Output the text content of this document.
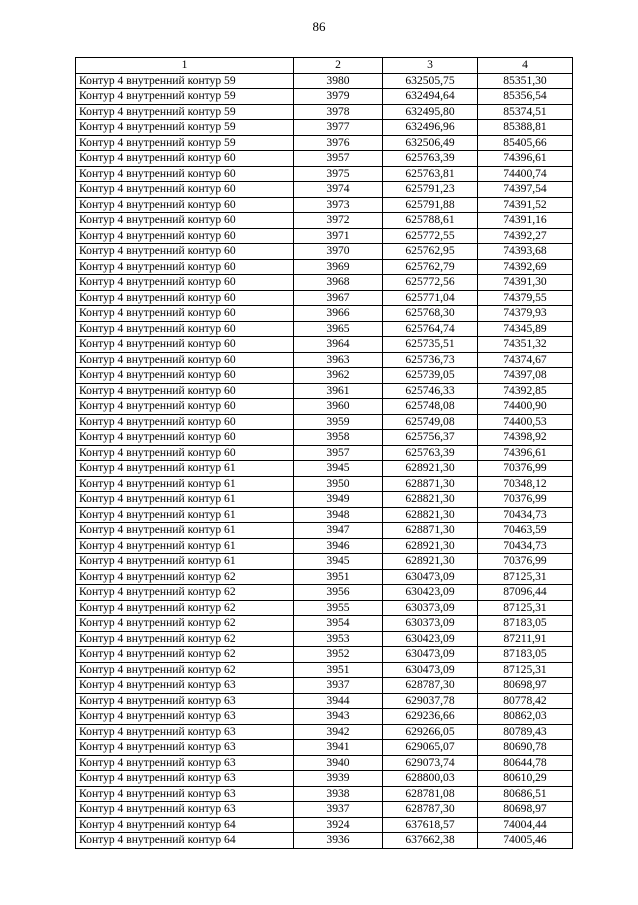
86
1	2	3	4
Контур 4 внутренний контур 59	3980	632505,75	85351,30
Контур 4 внутренний контур 59	3979	632494,64	85356,54
Контур 4 внутренний контур 59	3978	632495,80	85374,51
Контур 4 внутренний контур 59	3977	632496,96	85388,81
Контур 4 внутренний контур 59	3976	632506,49	85405,66
Контур 4 внутренний контур 60	3957	625763,39	74396,61
Контур 4 внутренний контур 60	3975	625763,81	74400,74
Контур 4 внутренний контур 60	3974	625791,23	74397,54
Контур 4 внутренний контур 60	3973	625791,88	74391,52
Контур 4 внутренний контур 60	3972	625788,61	74391,16
Контур 4 внутренний контур 60	3971	625772,55	74392,27
Контур 4 внутренний контур 60	3970	625762,95	74393,68
Контур 4 внутренний контур 60	3969	625762,79	74392,69
Контур 4 внутренний контур 60	3968	625772,56	74391,30
Контур 4 внутренний контур 60	3967	625771,04	74379,55
Контур 4 внутренний контур 60	3966	625768,30	74379,93
Контур 4 внутренний контур 60	3965	625764,74	74345,89
Контур 4 внутренний контур 60	3964	625735,51	74351,32
Контур 4 внутренний контур 60	3963	625736,73	74374,67
Контур 4 внутренний контур 60	3962	625739,05	74397,08
Контур 4 внутренний контур 60	3961	625746,33	74392,85
Контур 4 внутренний контур 60	3960	625748,08	74400,90
Контур 4 внутренний контур 60	3959	625749,08	74400,53
Контур 4 внутренний контур 60	3958	625756,37	74398,92
Контур 4 внутренний контур 60	3957	625763,39	74396,61
Контур 4 внутренний контур 61	3945	628921,30	70376,99
Контур 4 внутренний контур 61	3950	628871,30	70348,12
Контур 4 внутренний контур 61	3949	628821,30	70376,99
Контур 4 внутренний контур 61	3948	628821,30	70434,73
Контур 4 внутренний контур 61	3947	628871,30	70463,59
Контур 4 внутренний контур 61	3946	628921,30	70434,73
Контур 4 внутренний контур 61	3945	628921,30	70376,99
Контур 4 внутренний контур 62	3951	630473,09	87125,31
Контур 4 внутренний контур 62	3956	630423,09	87096,44
Контур 4 внутренний контур 62	3955	630373,09	87125,31
Контур 4 внутренний контур 62	3954	630373,09	87183,05
Контур 4 внутренний контур 62	3953	630423,09	87211,91
Контур 4 внутренний контур 62	3952	630473,09	87183,05
Контур 4 внутренний контур 62	3951	630473,09	87125,31
Контур 4 внутренний контур 63	3937	628787,30	80698,97
Контур 4 внутренний контур 63	3944	629037,78	80778,42
Контур 4 внутренний контур 63	3943	629236,66	80862,03
Контур 4 внутренний контур 63	3942	629266,05	80789,43
Контур 4 внутренний контур 63	3941	629065,07	80690,78
Контур 4 внутренний контур 63	3940	629073,74	80644,78
Контур 4 внутренний контур 63	3939	628800,03	80610,29
Контур 4 внутренний контур 63	3938	628781,08	80686,51
Контур 4 внутренний контур 63	3937	628787,30	80698,97
Контур 4 внутренний контур 64	3924	637618,57	74004,44
Контур 4 внутренний контур 64	3936	637662,38	74005,46
